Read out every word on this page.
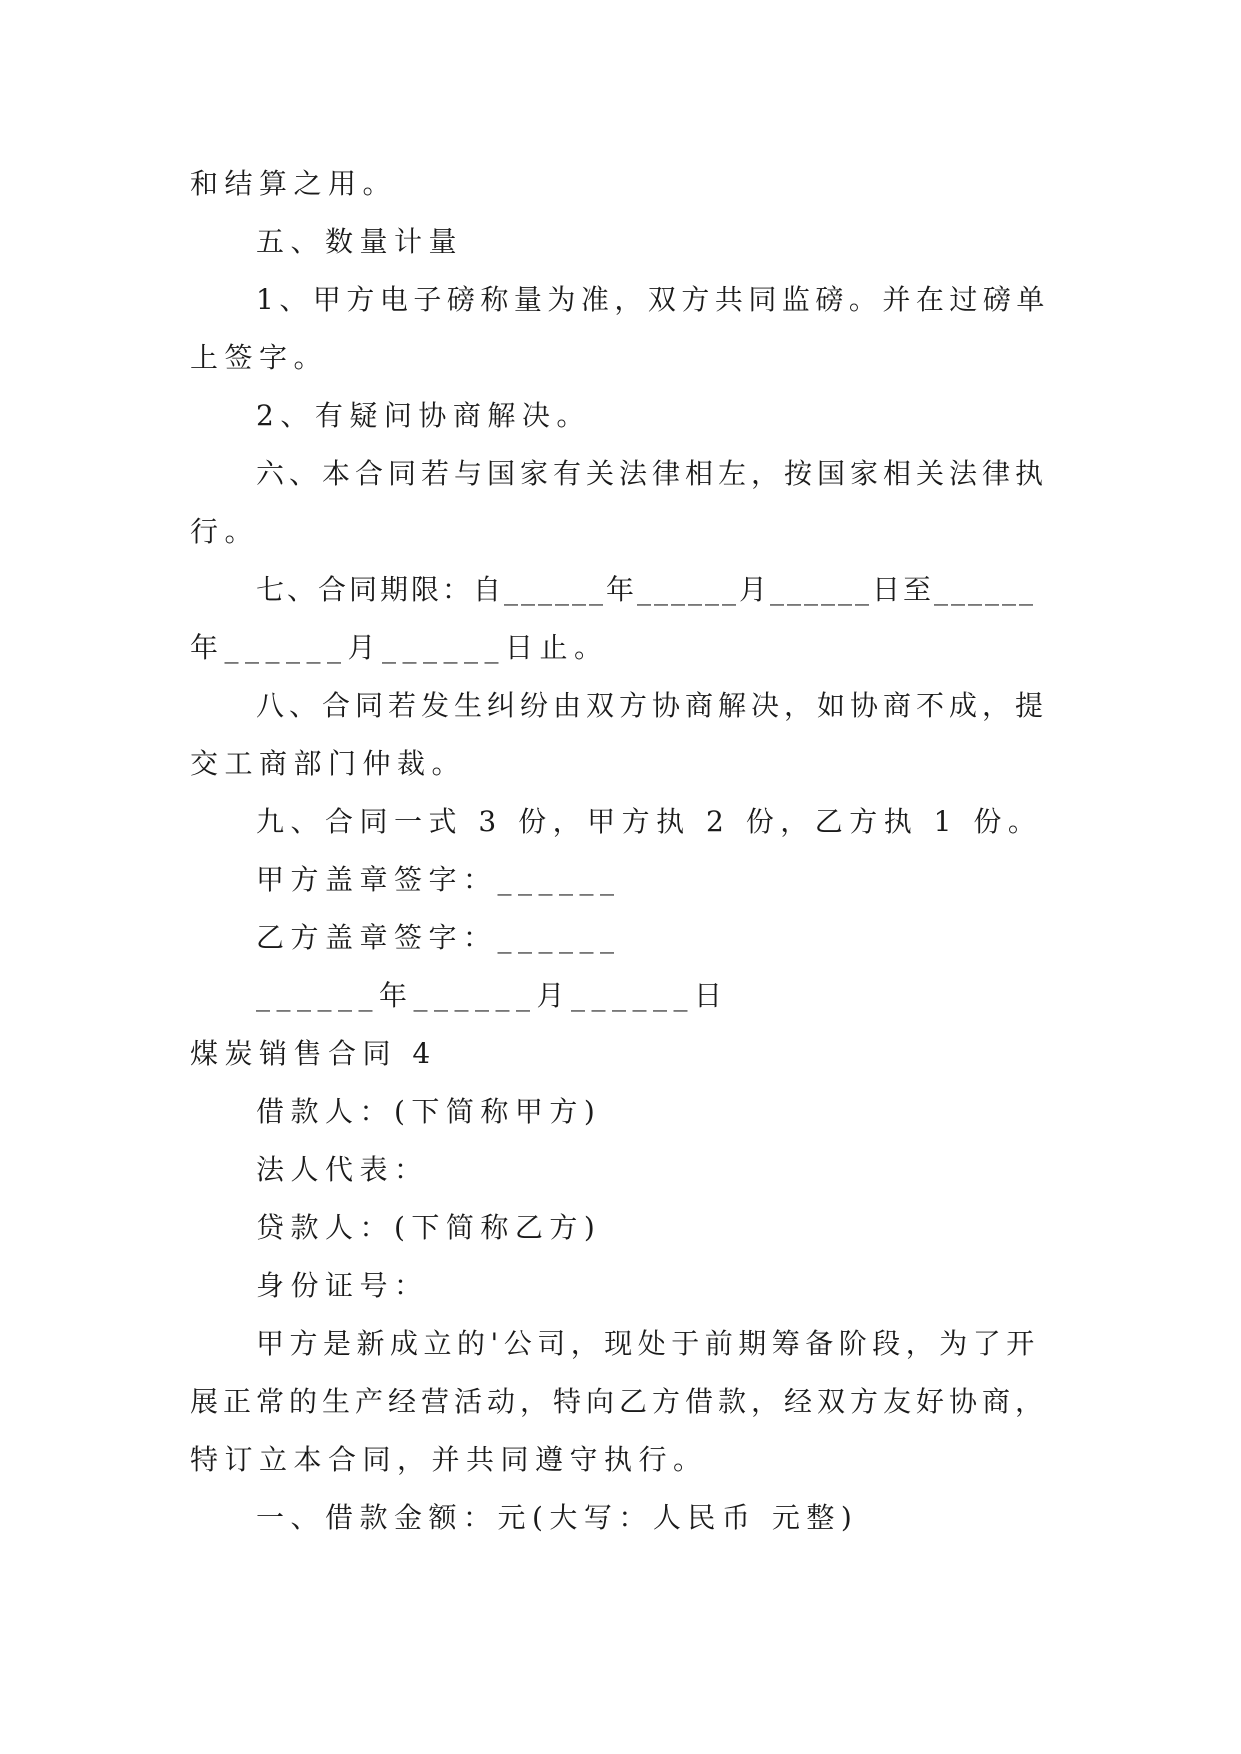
和结算之用。
五、数量计量
1、甲方电子磅称量为准，双方共同监磅。并在过磅单
上签字。
2、有疑问协商解决。
六、本合同若与国家有关法律相左，按国家相关法律执
行。
七、合同期限：自______年______月______日至______
年______月______日止。
八、合同若发生纠纷由双方协商解决，如协商不成，提
交工商部门仲裁。
九、合同一式 3 份，甲方执 2 份，乙方执 1 份。
甲方盖章签字：______
乙方盖章签字：______
______年______月______日
煤炭销售合同 4
借款人：(下简称甲方)
法人代表：
贷款人：(下简称乙方)
身份证号：
甲方是新成立的'公司，现处于前期筹备阶段，为了开
展正常的生产经营活动，特向乙方借款，经双方友好协商，
特订立本合同，并共同遵守执行。
一、借款金额：元(大写：人民币 元整)
